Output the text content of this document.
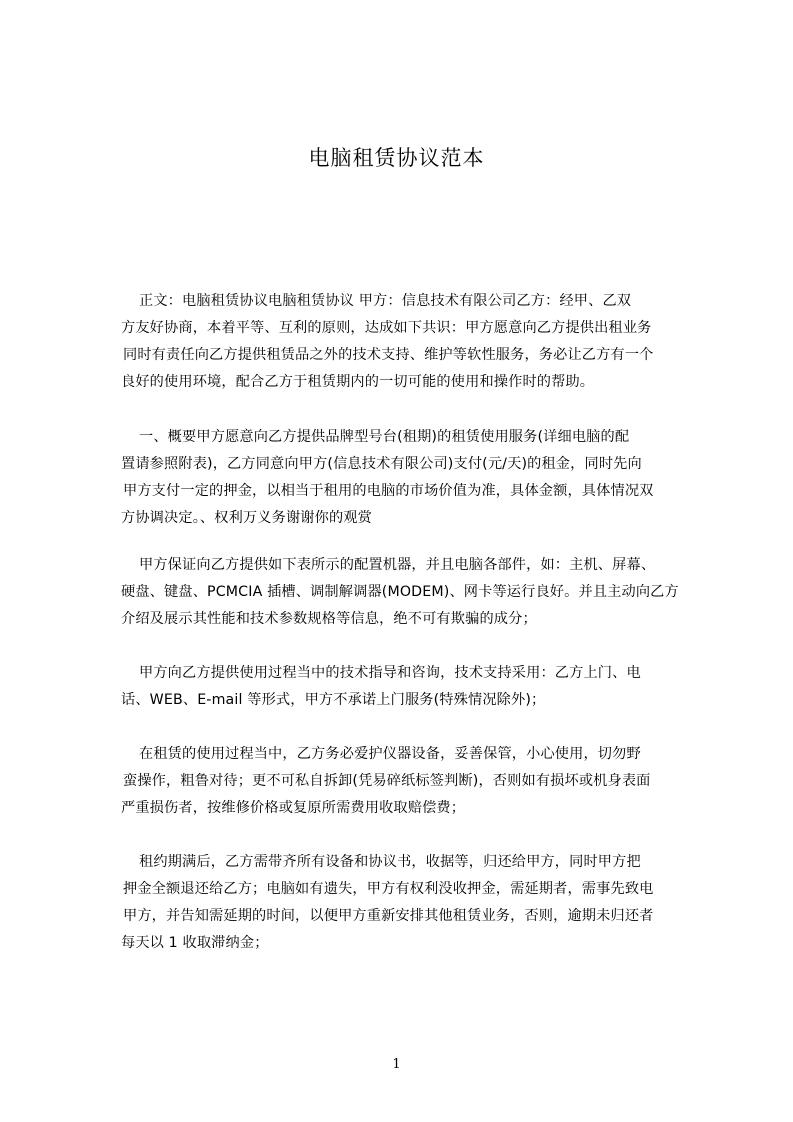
电脑租赁协议范本
正文：电脑租赁协议电脑租赁协议 甲方：信息技术有限公司乙方：经甲、乙双
方友好协商，本着平等、互利的原则，达成如下共识：甲方愿意向乙方提供出租业务
同时有责任向乙方提供租赁品之外的技术支持、维护等软性服务，务必让乙方有一个
良好的使用环境，配合乙方于租赁期内的一切可能的使用和操作时的帮助。
一、概要甲方愿意向乙方提供品牌型号台(租期)的租赁使用服务(详细电脑的配
置请参照附表)，乙方同意向甲方(信息技术有限公司)支付(元/天)的租金，同时先向
甲方支付一定的押金，以相当于租用的电脑的市场价值为准，具体金额，具体情况双
方协调决定。、权利万义务谢谢你的观赏
甲方保证向乙方提供如下表所示的配置机器，并且电脑各部件，如：主机、屏幕、
硬盘、键盘、PCMCIA 插槽、调制解调器(MODEM)、网卡等运行良好。并且主动向乙方
介绍及展示其性能和技术参数规格等信息，绝不可有欺骗的成分；
甲方向乙方提供使用过程当中的技术指导和咨询，技术支持采用：乙方上门、电
话、WEB、E-mail 等形式，甲方不承诺上门服务(特殊情况除外)；
在租赁的使用过程当中，乙方务必爱护仪器设备，妥善保管，小心使用，切勿野
蛮操作，粗鲁对待；更不可私自拆卸(凭易碎纸标签判断)，否则如有损坏或机身表面
严重损伤者，按维修价格或复原所需费用收取赔偿费；
租约期满后，乙方需带齐所有设备和协议书，收据等，归还给甲方，同时甲方把
押金全额退还给乙方；电脑如有遗失，甲方有权利没收押金，需延期者，需事先致电
甲方，并告知需延期的时间，以便甲方重新安排其他租赁业务，否则，逾期未归还者
每天以 1 收取滞纳金；
1
